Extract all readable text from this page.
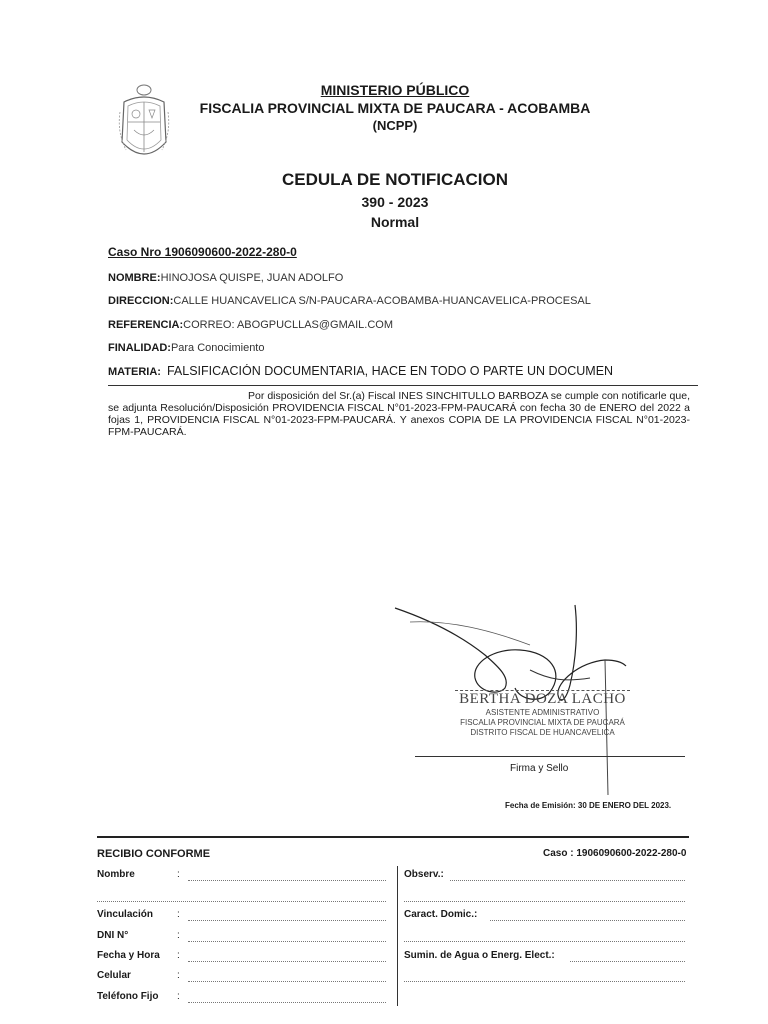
MINISTERIO PÚBLICO
FISCALIA PROVINCIAL MIXTA DE PAUCARA - ACOBAMBA
(NCPP)
CEDULA DE NOTIFICACION
390 - 2023
Normal
Caso Nro 1906090600-2022-280-0
NOMBRE:HINOJOSA QUISPE, JUAN ADOLFO
DIRECCION:CALLE HUANCAVELICA S/N-PAUCARA-ACOBAMBA-HUANCAVELICA-PROCESAL
REFERENCIA:CORREO: ABOGPUCLLAS@GMAIL.COM
FINALIDAD:Para Conocimiento
MATERIA: FALSIFICACIÓN DOCUMENTARIA, HACE EN TODO O PARTE UN DOCUMEN
Por disposición del Sr.(a) Fiscal INES SINCHITULLO BARBOZA se cumple con notificarle que, se adjunta Resolución/Disposición PROVIDENCIA FISCAL N°01-2023-FPM-PAUCARÁ con fecha 30 de ENERO del 2022 a fojas 1, PROVIDENCIA FISCAL N°01-2023-FPM-PAUCARÁ. Y anexos COPIA DE LA PROVIDENCIA FISCAL N°01-2023-FPM-PAUCARÁ.
BERTHA DOZA LACHO
ASISTENTE ADMINISTRATIVO
FISCALIA PROVINCIAL MIXTA DE PAUCARÁ
DISTRITO FISCAL DE HUANCAVELICA
Firma y Sello
Fecha de Emisión: 30 DE ENERO DEL 2023.
RECIBIO CONFORME	Caso : 1906090600-2022-280-0
Nombre	:
Vinculación :
DNI N°	:
Fecha y Hora :
Celular	:
Teléfono Fijo :
Observ.:
Caract. Domic.:
Sumin. de Agua o Energ. Elect.:
